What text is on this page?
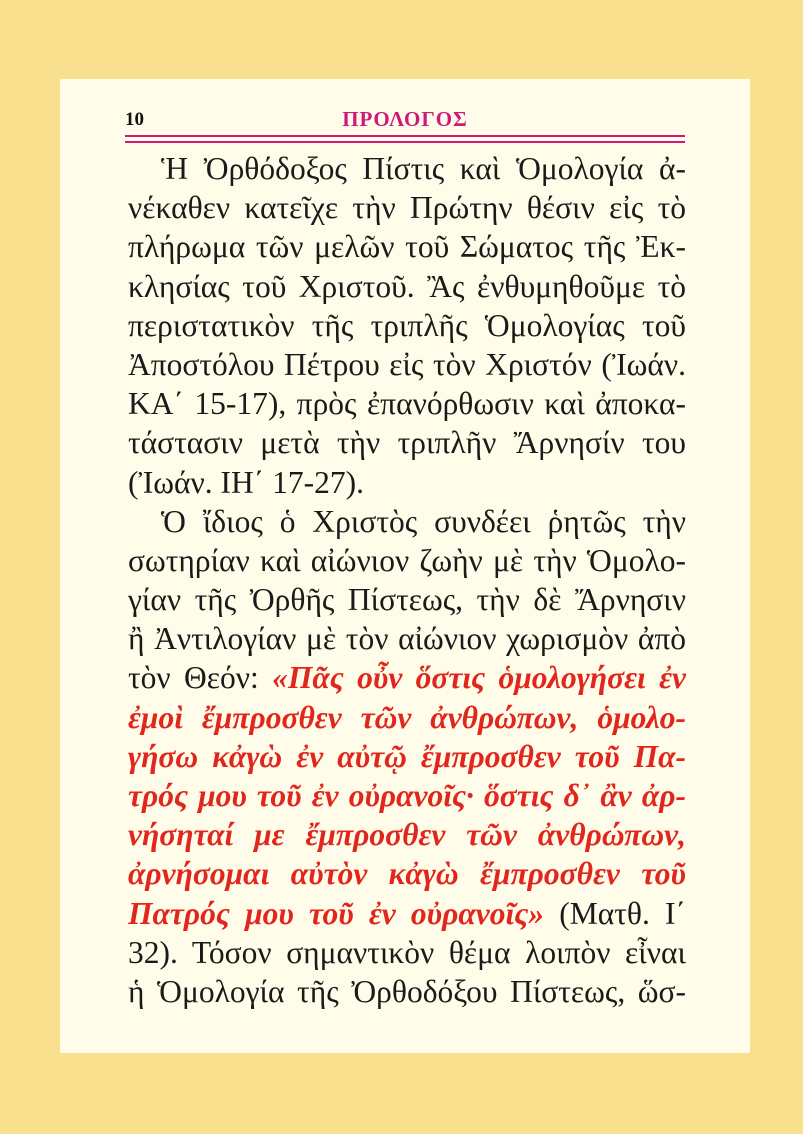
10	ΠΡΟΛΟΓΟΣ
Ἡ Ὀρθόδοξος Πίστις καὶ Ὁμολογία ἀ-
νέκαθεν κατεῖχε τὴν Πρώτην θέσιν εἰς τὸ
πλήρωμα τῶν μελῶν τοῦ Σώματος τῆς Ἐκ-
κλησίας τοῦ Χριστοῦ. Ἂς ἐνθυμηθοῦμε τὸ
περιστατικὸν τῆς τριπλῆς Ὁμολογίας τοῦ
Ἀποστόλου Πέτρου εἰς τὸν Χριστόν (Ἰωάν.
ΚΑ΄ 15-17), πρὸς ἐπανόρθωσιν καὶ ἀποκα-
τάστασιν μετὰ τὴν τριπλῆν Ἄρνησίν του
(Ἰωάν. ΙΗ΄ 17-27).
Ὁ ἴδιος ὁ Χριστὸς συνδέει ῥητῶς τὴν
σωτηρίαν καὶ αἰώνιον ζωὴν μὲ τὴν Ὁμολο-
γίαν τῆς Ὀρθῆς Πίστεως, τὴν δὲ Ἄρνησιν
ἢ Ἀντιλογίαν μὲ τὸν αἰώνιον χωρισμὸν ἀπὸ
τὸν Θεόν: «Πᾶς οὖν ὅστις ὁμολογήσει ἐν
ἐμοὶ ἔμπροσθεν τῶν ἀνθρώπων, ὁμολο-
γήσω κἀγὼ ἐν αὐτῷ ἔμπροσθεν τοῦ Πα-
τρός μου τοῦ ἐν οὐρανοῖς· ὅστις δ᾽ ἂν ἀρ-
νήσηταί με ἔμπροσθεν τῶν ἀνθρώπων,
ἀρνήσομαι αὐτὸν κἀγὼ ἔμπροσθεν τοῦ
Πατρός μου τοῦ ἐν οὐρανοῖς» (Ματθ. Ι΄
32). Τόσον σημαντικὸν θέμα λοιπὸν εἶναι
ἡ Ὁμολογία τῆς Ὀρθοδόξου Πίστεως, ὥσ-
